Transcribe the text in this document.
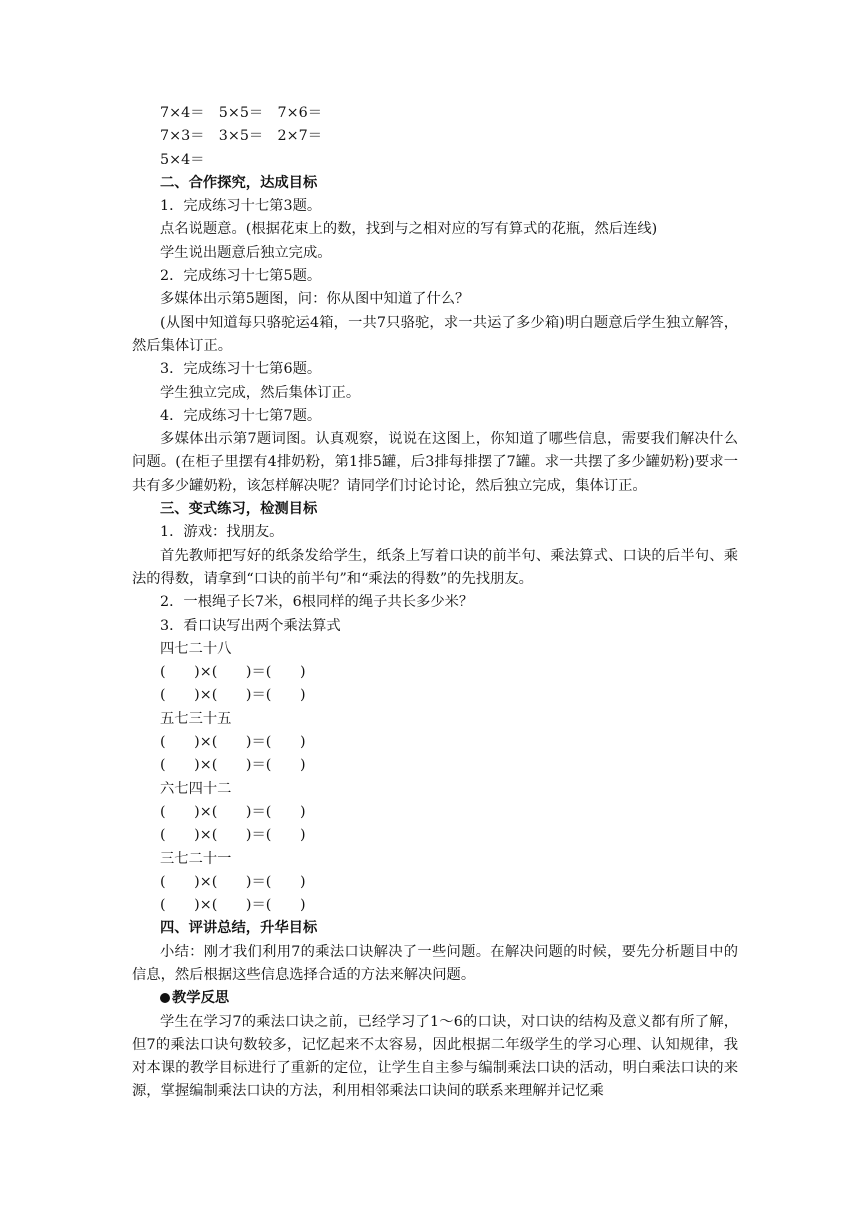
7×4＝　5×5＝　7×6＝

7×3＝　3×5＝　2×7＝

5×4＝

二、合作探究，达成目标

1．完成练习十七第3题。

点名说题意。(根据花束上的数，找到与之相对应的写有算式的花瓶，然后连线)

学生说出题意后独立完成。

2．完成练习十七第5题。

多媒体出示第5题图，问：你从图中知道了什么？

(从图中知道每只骆驼运4箱，一共7只骆驼，求一共运了多少箱)明白题意后学生独立解答，然后集体订正。

3．完成练习十七第6题。

学生独立完成，然后集体订正。

4．完成练习十七第7题。

多媒体出示第7题词图。认真观察，说说在这图上，你知道了哪些信息，需要我们解决什么问题。(在柜子里摆有4排奶粉，第1排5罐，后3排每排摆了7罐。求一共摆了多少罐奶粉)要求一共有多少罐奶粉，该怎样解决呢？请同学们讨论讨论，然后独立完成，集体订正。

三、变式练习，检测目标

1．游戏：找朋友。

首先教师把写好的纸条发给学生，纸条上写着口诀的前半句、乘法算式、口诀的后半句、乘法的得数，请拿到“口诀的前半句”和“乘法的得数”的先找朋友。

2．一根绳子长7米，6根同样的绳子共长多少米？

3．看口诀写出两个乘法算式

四七二十八

(　　)×(　　)＝(　　)

(　　)×(　　)＝(　　)

五七三十五

(　　)×(　　)＝(　　)

(　　)×(　　)＝(　　)

六七四十二

(　　)×(　　)＝(　　)

(　　)×(　　)＝(　　)

三七二十一

(　　)×(　　)＝(　　)

(　　)×(　　)＝(　　)

四、评讲总结，升华目标

小结：刚才我们利用7的乘法口诀解决了一些问题。在解决问题的时候，要先分析题目中的信息，然后根据这些信息选择合适的方法来解决问题。

教学反思

学生在学习7的乘法口诀之前，已经学习了1～6的口诀，对口诀的结构及意义都有所了解，但7的乘法口诀句数较多，记忆起来不太容易，因此根据二年级学生的学习心理、认知规律，我对本课的教学目标进行了重新的定位，让学生自主参与编制乘法口诀的活动，明白乘法口诀的来源，掌握编制乘法口诀的方法，利用相邻乘法口诀间的联系来理解并记忆乘
